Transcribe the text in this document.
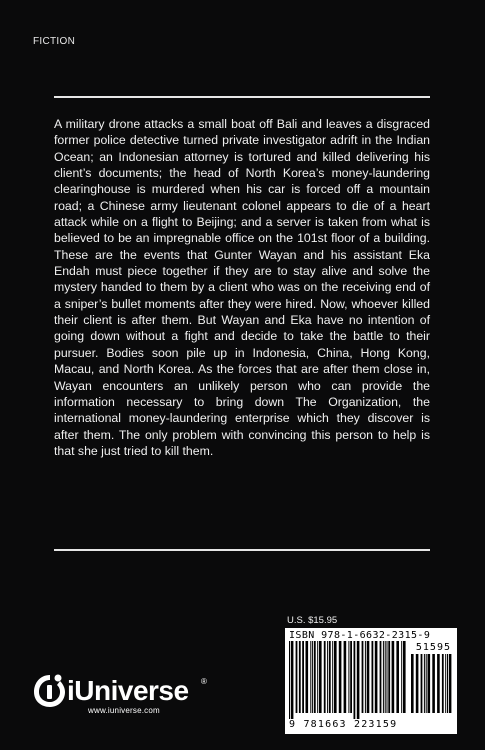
FICTION
A military drone attacks a small boat off Bali and leaves a disgraced former police detective turned private investigator adrift in the Indian Ocean; an Indonesian attorney is tortured and killed delivering his client’s documents; the head of North Korea’s money-laundering clearinghouse is murdered when his car is forced off a mountain road; a Chinese army lieutenant colonel appears to die of a heart attack while on a flight to Beijing; and a server is taken from what is believed to be an impregnable office on the 101st floor of a building. These are the events that Gunter Wayan and his assistant Eka Endah must piece together if they are to stay alive and solve the mystery handed to them by a client who was on the receiving end of a sniper’s bullet moments after they were hired. Now, whoever killed their client is after them. But Wayan and Eka have no intention of going down without a fight and decide to take the battle to their pursuer. Bodies soon pile up in Indonesia, China, Hong Kong, Macau, and North Korea. As the forces that are after them close in, Wayan encounters an unlikely person who can provide the information necessary to bring down The Organization, the international money-laundering enterprise which they discover is after them. The only problem with convincing this person to help is that she just tried to kill them.
U.S. $15.95
ISBN 978-1-6632-2315-9
51595
9 781663 223159
iUniverse ®
www.iuniverse.com
